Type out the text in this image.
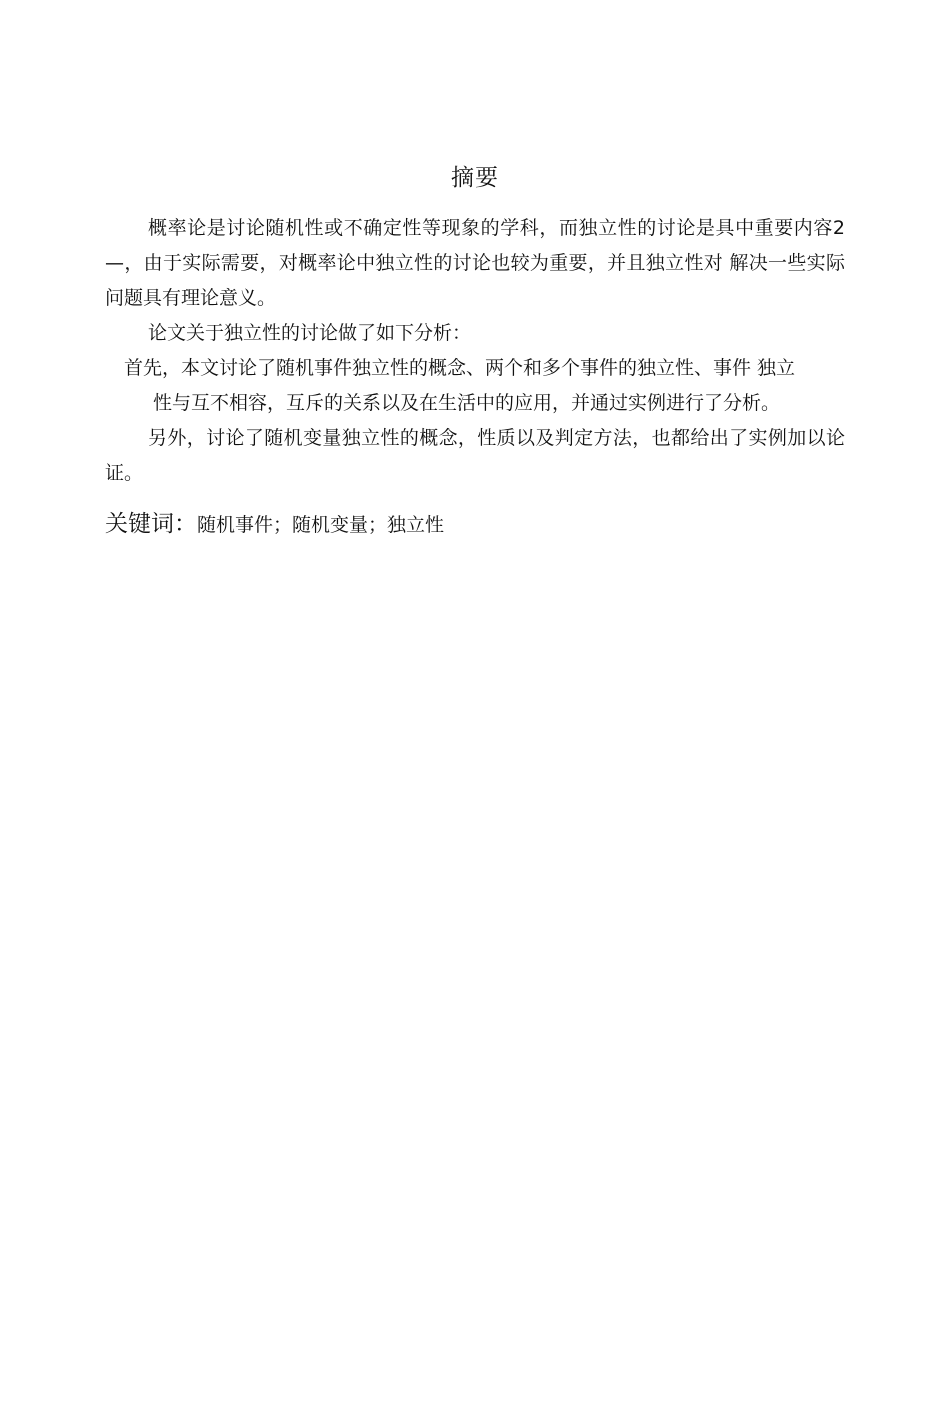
摘要

概率论是讨论随机性或不确定性等现象的学科，而独立性的讨论是具中重要内容2—，由于实际需要，对概率论中独立性的讨论也较为重要，并且独立性对 解决一些实际问题具有理论意义。

论文关于独立性的讨论做了如下分析：

首先，本文讨论了随机事件独立性的概念、两个和多个事件的独立性、事件 独立
性与互不相容，互斥的关系以及在生活中的应用，并通过实例进行了分析。

另外，讨论了随机变量独立性的概念，性质以及判定方法，也都给出了实例加以论证。

关键词：随机事件；随机变量；独立性
